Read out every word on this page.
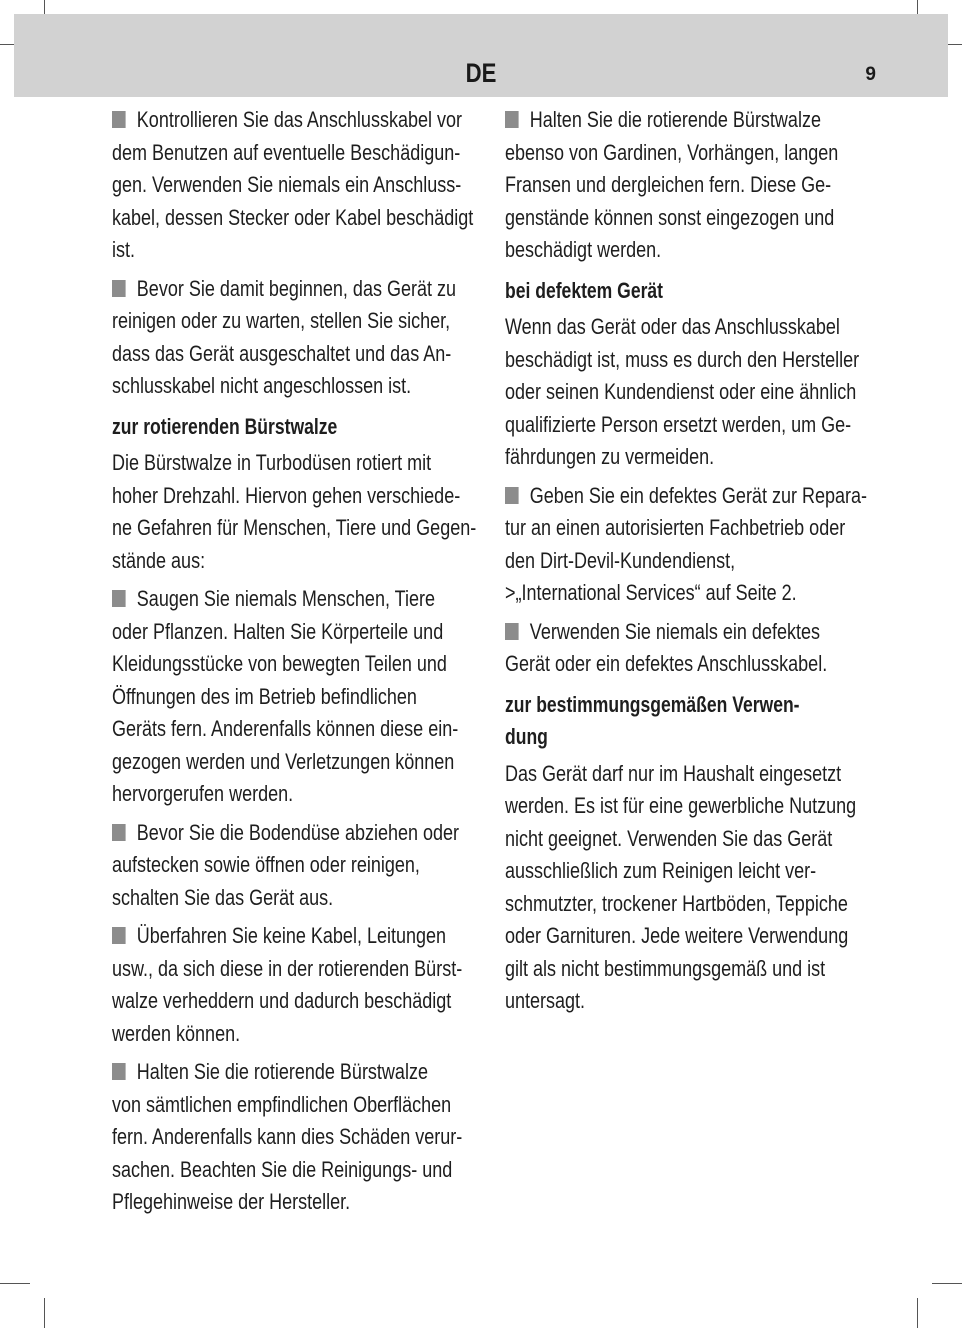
DE	9
Kontrollieren Sie das Anschlusskabel vor
dem Benutzen auf eventuelle Beschädigun-
gen. Verwenden Sie niemals ein Anschluss-
kabel, dessen Stecker oder Kabel beschädigt
ist.
Bevor Sie damit beginnen, das Gerät zu
reinigen oder zu warten, stellen Sie sicher,
dass das Gerät ausgeschaltet und das An-
schlusskabel nicht angeschlossen ist.
zur rotierenden Bürstwalze
Die Bürstwalze in Turbodüsen rotiert mit
hoher Drehzahl. Hiervon gehen verschiede-
ne Gefahren für Menschen, Tiere und Gegen-
stände aus:
Saugen Sie niemals Menschen, Tiere
oder Pflanzen. Halten Sie Körperteile und
Kleidungsstücke von bewegten Teilen und
Öffnungen des im Betrieb befindlichen
Geräts fern. Anderenfalls können diese ein-
gezogen werden und Verletzungen können
hervorgerufen werden.
Bevor Sie die Bodendüse abziehen oder
aufstecken sowie öffnen oder reinigen,
schalten Sie das Gerät aus.
Überfahren Sie keine Kabel, Leitungen
usw., da sich diese in der rotierenden Bürst-
walze verheddern und dadurch beschädigt
werden können.
Halten Sie die rotierende Bürstwalze
von sämtlichen empfindlichen Oberflächen
fern. Anderenfalls kann dies Schäden verur-
sachen. Beachten Sie die Reinigungs- und
Pflegehinweise der Hersteller.
Halten Sie die rotierende Bürstwalze
ebenso von Gardinen, Vorhängen, langen
Fransen und dergleichen fern. Diese Ge-
genstände können sonst eingezogen und
beschädigt werden.
bei defektem Gerät
Wenn das Gerät oder das Anschlusskabel
beschädigt ist, muss es durch den Hersteller
oder seinen Kundendienst oder eine ähnlich
qualifizierte Person ersetzt werden, um Ge-
fährdungen zu vermeiden.
Geben Sie ein defektes Gerät zur Repara-
tur an einen autorisierten Fachbetrieb oder
den Dirt-Devil-Kundendienst,
>„International Services“ auf Seite 2.
Verwenden Sie niemals ein defektes
Gerät oder ein defektes Anschlusskabel.
zur bestimmungsgemäßen Verwen-
dung
Das Gerät darf nur im Haushalt eingesetzt
werden. Es ist für eine gewerbliche Nutzung
nicht geeignet. Verwenden Sie das Gerät
ausschließlich zum Reinigen leicht ver-
schmutzter, trockener Hartböden, Teppiche
oder Garnituren. Jede weitere Verwendung
gilt als nicht bestimmungsgemäß und ist
untersagt.
